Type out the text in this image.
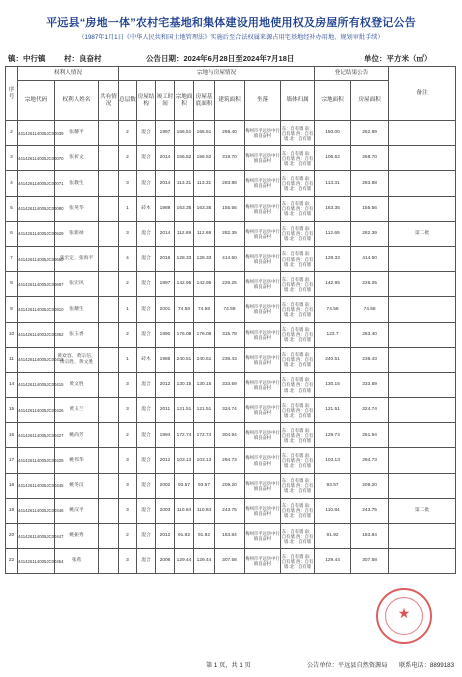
平远县“房地一体”农村宅基地和集体建设用地使用权及房屋所有权登记公告
（1987年1月1日《中华人民共和国土地管理法》实施后至合法权属来源占用宅基地经补办用地、规划审批手续）
镇：中行镇 村：良奋村	公告日期：2024年6月28日至2024年7月18日	单位：平方米（㎡）
序号	权利人情况			宗地与房屋情况								登记结果公告		备注
	宗地代码	权利人姓名	共有情况	总层数	房屋结构	竣工时间	宗地面积	房屋基底面积	建筑面积	坐落	墙体归属	宗地面积	房屋面积	
2	441426114005JC00039	张耀平		2	混合	1997	166.51	166.51	269.40	梅州市平远县中行镇良奋村	东：自有墙 南：自有墙 西：自有墙 北：自有墙	150.00	252.89	
3	441426114005JC00070	张祈文		2	混合	2014	156.52	156.52	318.70	梅州市平远县中行镇良奋村	东：自有墙 南：自有墙 西：自有墙 北：自有墙	106.52	268.70	
4	441426114005JC00071	张教生		3	混合	2014	113.31	113.31	283.88	梅州市平远县中行镇良奋村	东：自有墙 南：自有墙 西：自有墙 北：自有墙	113.31	283.88	
5	441426114005JC00080	张英华		1	砖木	1989	163.35	163.35	155.56	梅州市平远县中行镇良奋村	东：自有墙 南：自有墙 西：自有墙 北：自有墙	163.35	155.56	
6	441426114005JC00629	张新禄		3	混合	2014	112.69	112.69	282.39	梅州市平远县中行镇良奋村	东：自有墙 南：自有墙 西：自有墙 北：自有墙	112.69	282.39	第二批
7	441426114005JC00650	张宏定、张海平		4	混合	2016	128.33	128.33	414.50	梅州市平远县中行镇良奋村	东：自有墙 南：自有墙 西：自有墙 北：自有墙	128.33	414.50	
8	441426114005JC00687	张宏风		2	混合	1997	142.95	142.95	226.25	梅州市平远县中行镇良奋村	东：自有墙 南：自有墙 西：自有墙 北：自有墙	142.95	226.25	
9	441426114005JC00910	张耀生		1	混合	2001	74.58	74.58	74.58	梅州市平远县中行镇良奋村	东：自有墙 南：自有墙 西：自有墙 北：自有墙	74.58	74.58	
10	441426114003JC00362	张玉香		2	混合	1990	176.08	176.08	315.78	梅州市平远县中行镇良奋村	东：自有墙 南：自有墙 西：自有墙 北：自有墙	123.7	263.40	
11	441426114005JC00413	黄欢容、黄宗信、黄宗胜、黄文胜		1	砖木	1986	240.51	240.51	236.43	梅州市平远县中行镇良奋村	东：自有墙 南：自有墙 西：自有墙 北：自有墙	240.51	236.43	
14	441426114005JC00415	黄文胜		3	混合	2012	130.15	130.15	333.59	梅州市平远县中行镇良奋村	东：自有墙 南：自有墙 西：自有墙 北：自有墙	130.15	333.59	
15	441426114005JC00426	黄玉兰		3	混合	2011	121.51	121.51	324.74	梅州市平远县中行镇良奋村	东：自有墙 南：自有墙 西：自有墙 北：自有墙	121.51	324.74	
16	441426114005JC00427	姚尚芳		2	混合	1994	172.74	172.74	304.94	梅州市平远县中行镇良奋村	东：自有墙 南：自有墙 西：自有墙 北：自有墙	129.74	261.94	
17	441426114005JC00428	姚伟华		3	混合	2012	103.13	103.13	294.73	梅州市平远县中行镇良奋村	东：自有墙 南：自有墙 西：自有墙 北：自有墙	103.13	294.73	
18	441426114005JC00445	姚冬汉		3	混合	2002	93.57	93.57	209.20	梅州市平远县中行镇良奋村	东：自有墙 南：自有墙 西：自有墙 北：自有墙	93.57	209.20	
19	441426114005JC00446	姚汉平		3	混合	2003	110.84	110.84	243.75	梅州市平远县中行镇良奋村	东：自有墙 南：自有墙 西：自有墙 北：自有墙	110.84	243.75	第二批
20	441426114005JC00447	姚振秀		2	混合	2012	91.92	91.92	183.84	梅州市平远县中行镇良奋村	东：自有墙 南：自有墙 西：自有墙 北：自有墙	91.92	183.84	
22	441426114005JC00454	张希		3	混合	2006	129.44	129.44	307.58	梅州市平远县中行镇良奋村	东：自有墙 南：自有墙 西：自有墙 北：自有墙	129.44	307.58	
★
第 1 页，共 1 页	公告单位：平远县自然资源局 联系电话：8899183
